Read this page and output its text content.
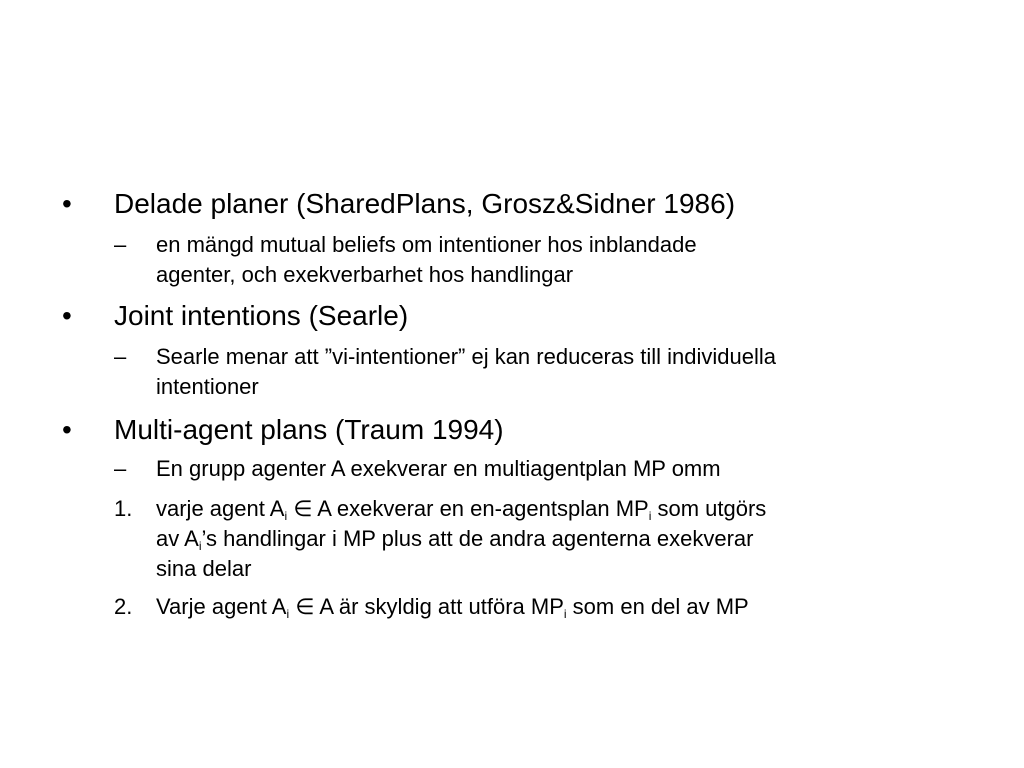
• Delade planer (SharedPlans, Grosz&Sidner 1986)
– en mängd mutual beliefs om intentioner hos inblandade
agenter, och exekverbarhet hos handlingar
• Joint intentions (Searle)
– Searle menar att ”vi-intentioner” ej kan reduceras till individuella
intentioner
• Multi-agent plans (Traum 1994)
– En grupp agenter A exekverar en multiagentplan MP omm
1. varje agent $A_i$ ∈ A exekverar en en-agentsplan $MP_i$ som utgörs
av $A_i’s$ handlingar i MP plus att de andra agenterna exekverar
sina delar
2. Varje agent $A_i$ ∈ A är skyldig att utföra $MP_i$ som en del av MP
